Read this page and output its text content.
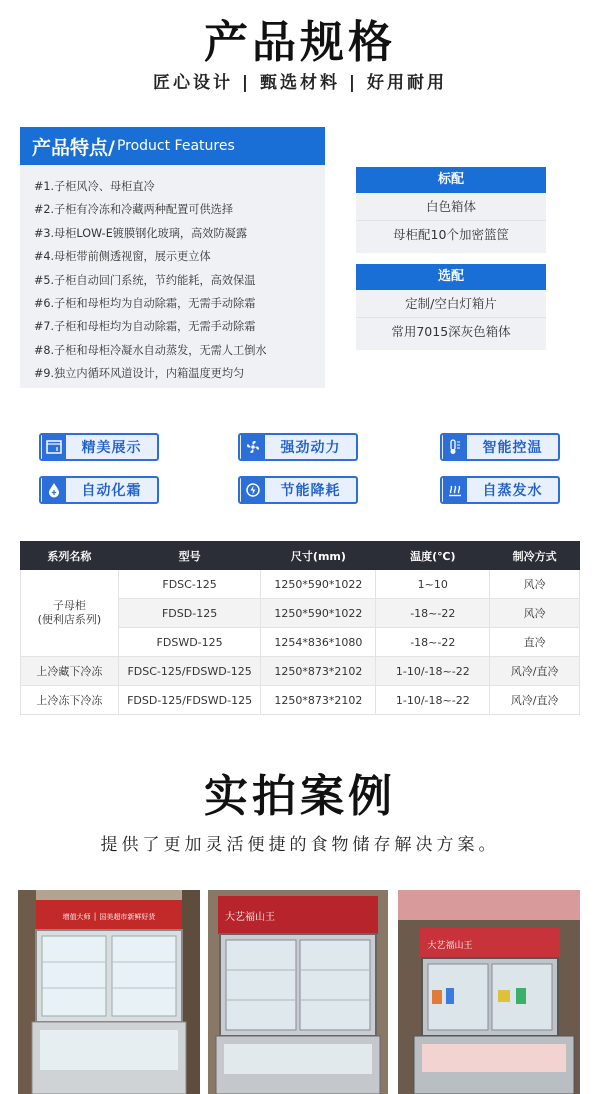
产品规格
匠心设计 | 甄选材料 | 好用耐用
产品特点/ Product Features
#1.子柜风冷、母柜直冷
#2.子柜有冷冻和冷藏两种配置可供选择
#3.母柜LOW-E镀膜钢化玻璃，高效防凝露
#4.母柜带前侧透视窗，展示更立体
#5.子柜自动回门系统，节约能耗，高效保温
#6.子柜和母柜均为自动除霜，无需手动除霜
#7.子柜和母柜均为自动除霜，无需手动除霜
#8.子柜和母柜冷凝水自动蒸发，无需人工倒水
#9.独立内循环风道设计，内箱温度更均匀
标配
白色箱体
母柜配10个加密篮筐
选配
定制/空白灯箱片
常用7015深灰色箱体
精美展示	强劲动力	智能控温
自动化霜	节能降耗	自蒸发水
系列名称	型号	尺寸(mm)	温度(℃)	制冷方式

子母柜
(便利店系列)	FDSC-125	1250*590*1022	1~10	风冷
	FDSD-125	1250*590*1022	-18~-22	风冷
	FDSWD-125	1254*836*1080	-18~-22	直冷
上冷藏下冷冻	FDSC-125/FDSWD-125	1250*873*2102	1-10/-18~-22	风冷/直冷
上冷冻下冷冻	FDSD-125/FDSWD-125	1250*873*2102	1-10/-18~-22	风冷/直冷
实拍案例
提供了更加灵活便捷的食物储存解决方案。
增值大师 │ 国美超市新鲜好货	大艺福山王
大艺福山王
